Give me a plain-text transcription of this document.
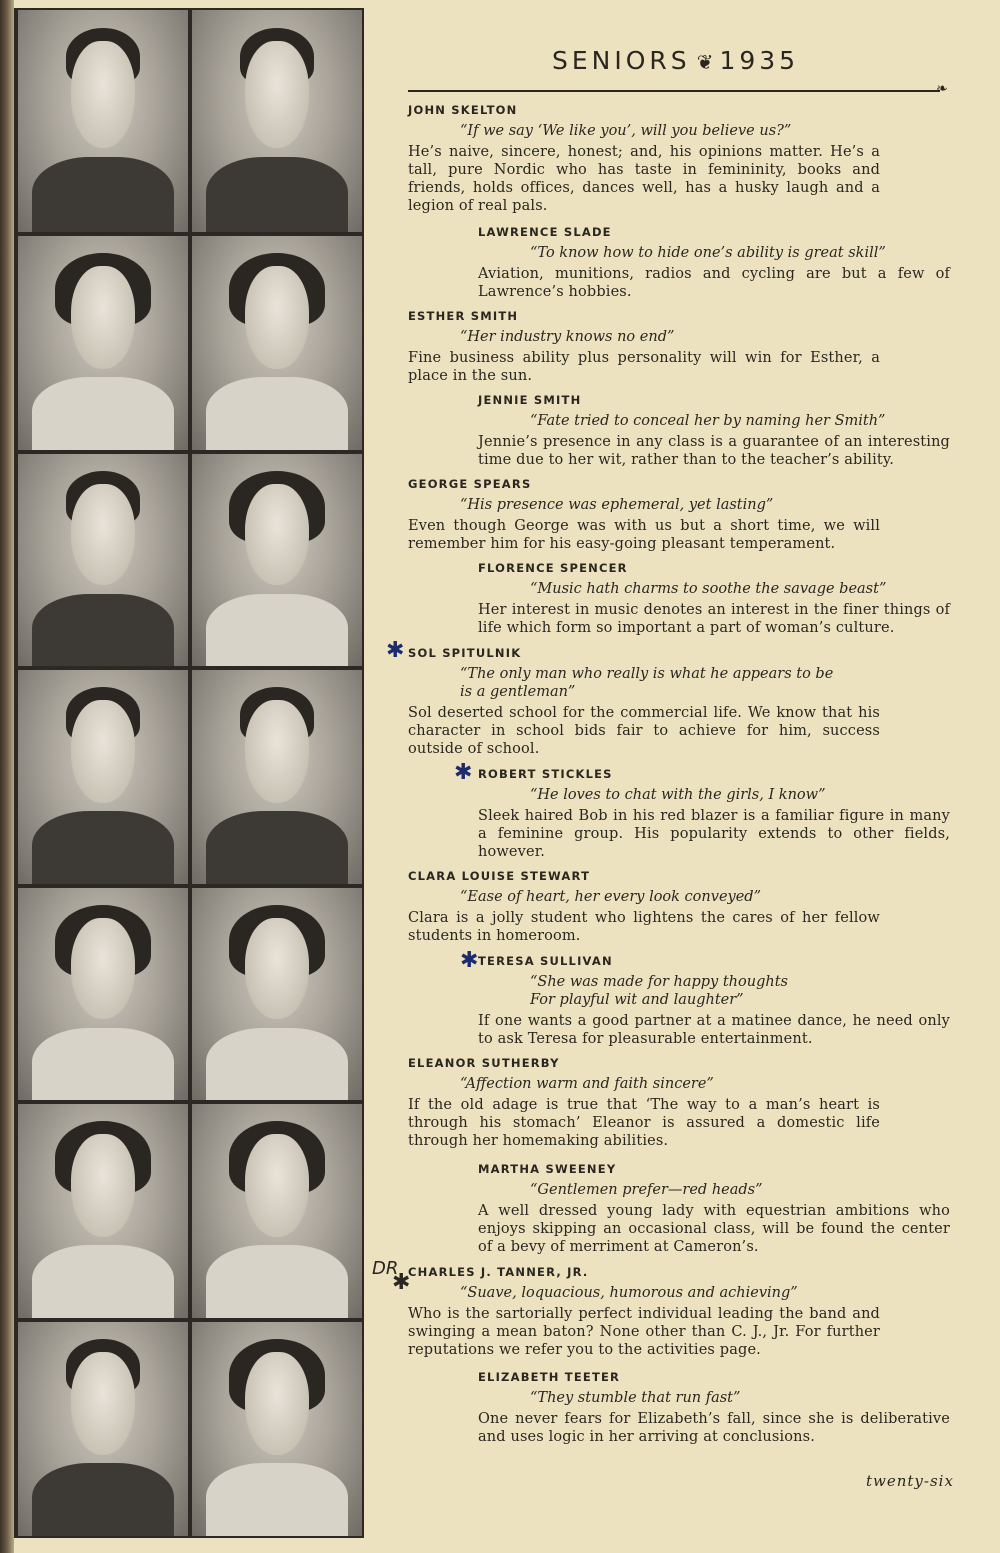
SENIORS ❦ 1935
❧
JOHN SKELTON
“If we say ‘We like you’, will you believe us?”
He’s naive, sincere, honest; and, his opinions matter. He’s a tall, pure Nordic who has taste in femininity, books and friends, holds offices, dances well, has a husky laugh and a legion of real pals.
LAWRENCE SLADE
“To know how to hide one’s ability is great skill”
Aviation, munitions, radios and cycling are but a few of Lawrence’s hobbies.
ESTHER SMITH
“Her industry knows no end”
Fine business ability plus personality will win for Esther, a place in the sun.
JENNIE SMITH
“Fate tried to conceal her by naming her Smith”
Jennie’s presence in any class is a guarantee of an interesting time due to her wit, rather than to the teacher’s ability.
GEORGE SPEARS
“His presence was ephemeral, yet lasting”
Even though George was with us but a short time, we will remember him for his easy-going pleasant temperament.
FLORENCE SPENCER
“Music hath charms to soothe the savage beast”
Her interest in music denotes an interest in the finer things of life which form so important a part of woman’s culture.
✱ SOL SPITULNIK
“The only man who really is what he appears to be
is a gentleman”
Sol deserted school for the commercial life. We know that his character in school bids fair to achieve for him, success outside of school.
✱ ROBERT STICKLES
“He loves to chat with the girls, I know”
Sleek haired Bob in his red blazer is a familiar figure in many a feminine group. His popularity extends to other fields, however.
CLARA LOUISE STEWART
“Ease of heart, her every look conveyed”
Clara is a jolly student who lightens the cares of her fellow students in homeroom.
✱ TERESA SULLIVAN
“She was made for happy thoughts
For playful wit and laughter”
If one wants a good partner at a matinee dance, he need only to ask Teresa for pleasurable entertainment.
ELEANOR SUTHERBY
“Affection warm and faith sincere”
If the old adage is true that ‘The way to a man’s heart is through his stomach’ Eleanor is assured a domestic life through her homemaking abilities.
MARTHA SWEENEY
“Gentlemen prefer—red heads”
A well dressed young lady with equestrian ambitions who enjoys skipping an occasional class, will be found the center of a bevy of merriment at Cameron’s.
DR
✱
CHARLES J. TANNER, JR.
“Suave, loquacious, humorous and achieving”
Who is the sartorially perfect individual leading the band and swinging a mean baton? None other than C. J., Jr. For further reputations we refer you to the activities page.
ELIZABETH TEETER
“They stumble that run fast”
One never fears for Elizabeth’s fall, since she is deliberative and uses logic in her arriving at conclusions.
twenty-six
